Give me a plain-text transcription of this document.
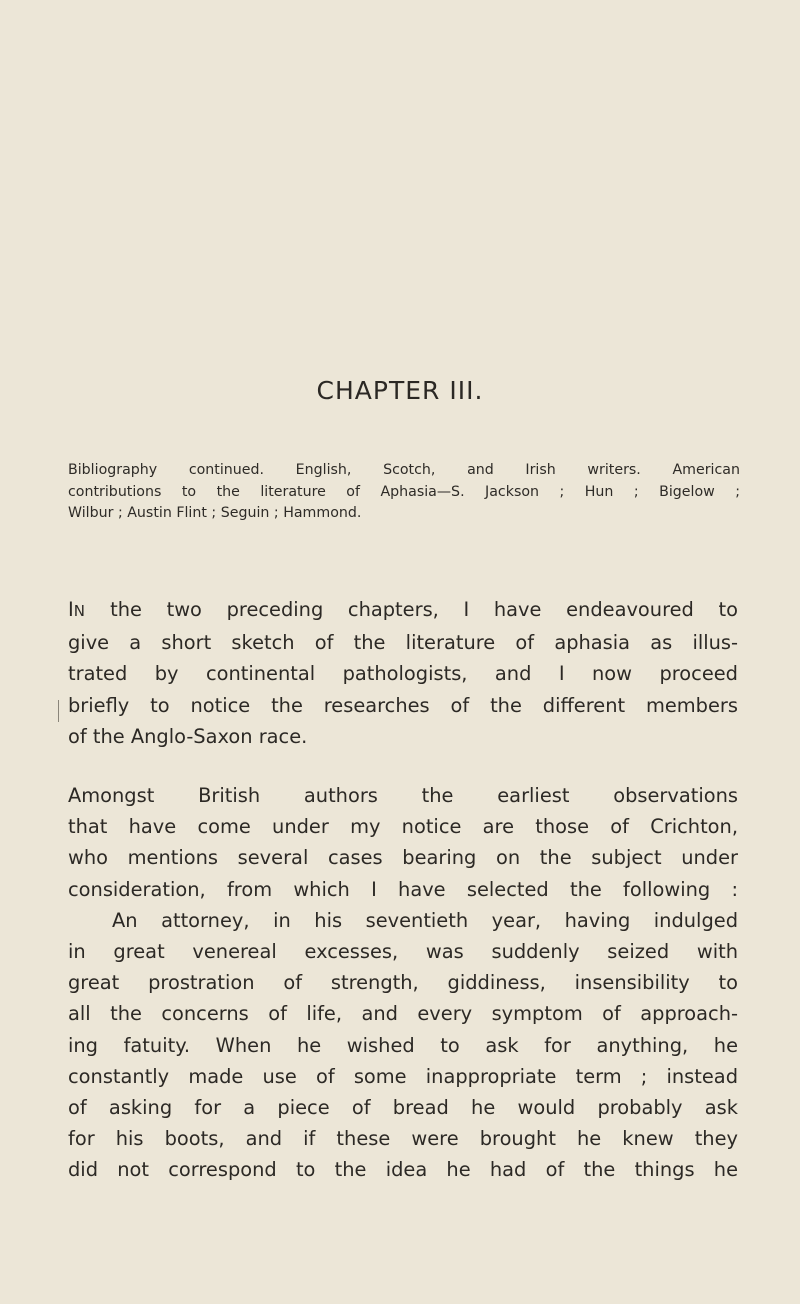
CHAPTER III.
Bibliography continued. English, Scotch, and Irish writers. American
contributions to the literature of Aphasia—S. Jackson ; Hun ; Bigelow ;
Wilbur ; Austin Flint ; Seguin ; Hammond.
IN the two preceding chapters, I have endeavoured to
give a short sketch of the literature of aphasia as illus-
trated by continental pathologists, and I now proceed
briefly to notice the researches of the different members
of the Anglo-Saxon race.
Amongst British authors the earliest observations
that have come under my notice are those of Crichton,
who mentions several cases bearing on the subject under
consideration, from which I have selected the following :
An attorney, in his seventieth year, having indulged
in great venereal excesses, was suddenly seized with
great prostration of strength, giddiness, insensibility to
all the concerns of life, and every symptom of approach-
ing fatuity. When he wished to ask for anything, he
constantly made use of some inappropriate term ; instead
of asking for a piece of bread he would probably ask
for his boots, and if these were brought he knew they
did not correspond to the idea he had of the things he
